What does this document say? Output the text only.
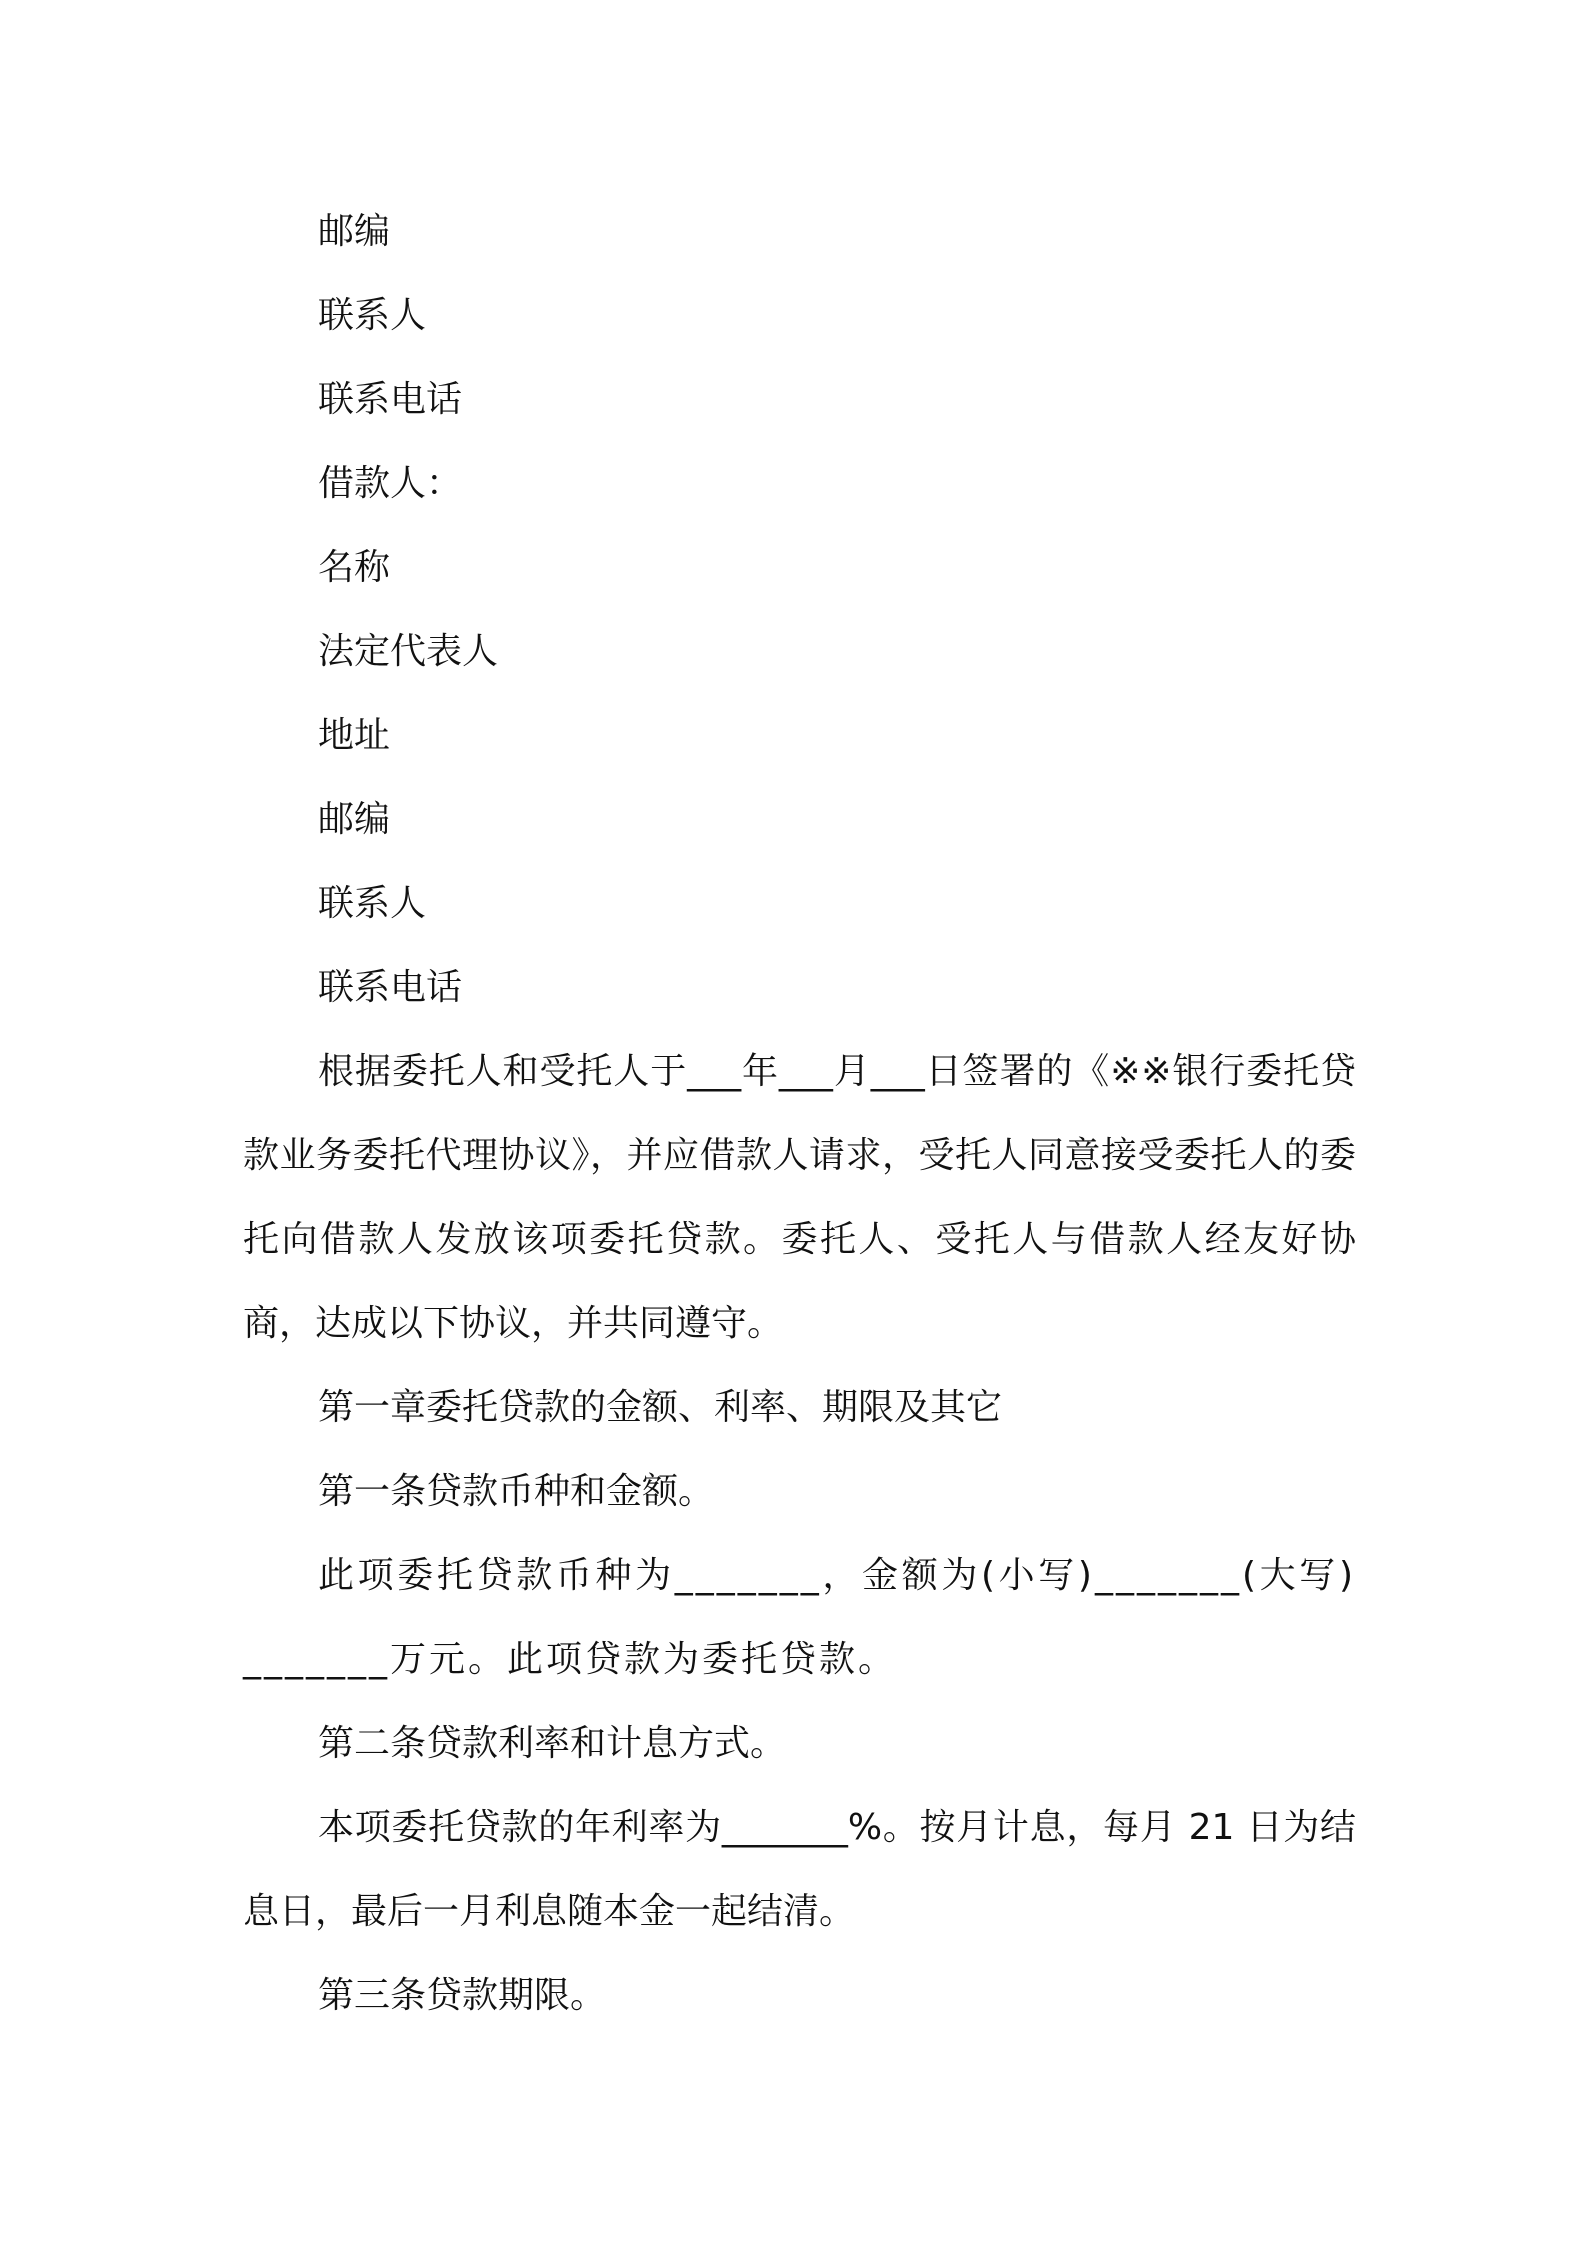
邮编

联系人

联系电话

借款人：

名称

法定代表人

地址

邮编

联系人

联系电话

根据委托人和受托人于___年___月___日签署的《※※银行委托贷款业务委托代理协议》，并应借款人请求，受托人同意接受委托人的委托向借款人发放该项委托贷款。委托人、受托人与借款人经友好协商，达成以下协议，并共同遵守。

第一章委托贷款的金额、利率、期限及其它

第一条贷款币种和金额。

此项委托贷款币种为_______，金额为(小写)_______(大写)_______万元。此项贷款为委托贷款。

第二条贷款利率和计息方式。

本项委托贷款的年利率为_______%。按月计息，每月 21 日为结息日，最后一月利息随本金一起结清。

第三条贷款期限。
